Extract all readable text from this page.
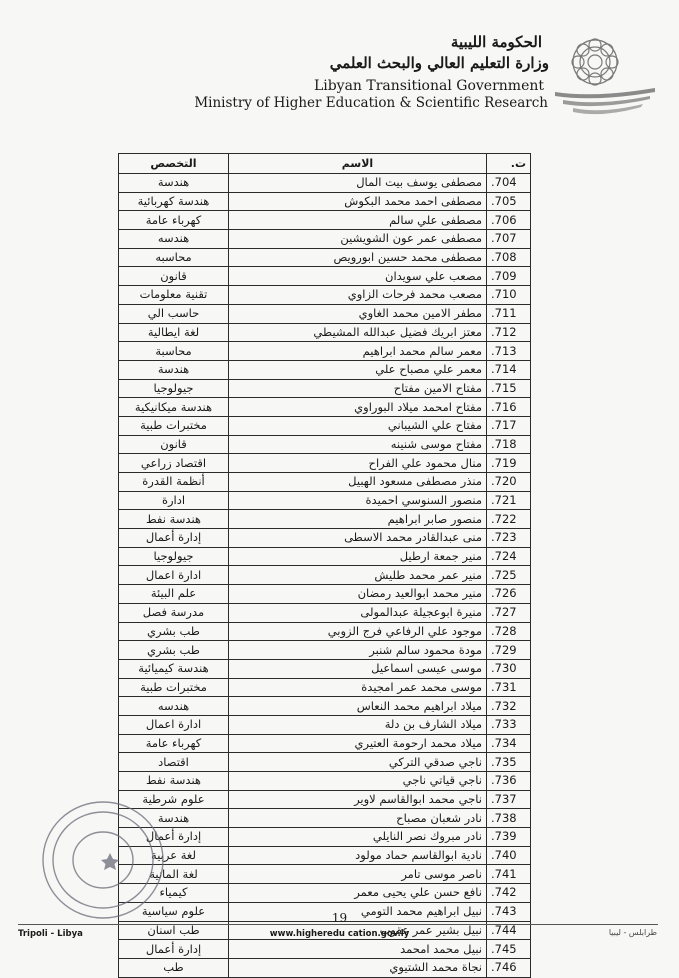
الحكومة الليبية
وزارة التعليم العالي والبحث العلمي
Libyan Transitional Government
Ministry of Higher Education & Scientific Research
التخصص	الاسم	ت.
هندسة	مصطفى يوسف بيت المال	.704
هندسة كهربائية	مصطفى احمد محمد البكوش	.705
كهرباء عامة	مصطفى علي سالم	.706
هندسه	مصطفى عمر عون الشويشين	.707
محاسبه	مصطفى محمد حسين ابورويص	.708
قانون	مصعب علي سويدان	.709
تقنية معلومات	مصعب محمد فرحات الزاوي	.710
حاسب الي	مطفر الامين محمد الغاوي	.711
لغة ايطالية	معتز ابريك فضيل عبدالله المشيطي	.712
محاسبة	معمر سالم محمد ابراهيم	.713
هندسة	معمر علي مصباح علي	.714
جيولوجيا	مفتاح الامين مفتاح	.715
هندسة ميكانيكية	مفتاح امحمد ميلاد البوراوي	.716
مختبرات طبية	مفتاح علي الشيباني	.717
قانون	مفتاح موسى شنينه	.718
اقتصاد زراعي	منال محمود علي الفراح	.719
أنظمة القدرة	منذر مصطفى مسعود الهبيل	.720
ادارة	منصور السنوسي احميدة	.721
هندسة نفط	منصور صابر ابراهيم	.722
إدارة أعمال	منى عبدالقادر محمد الاسطى	.723
جيولوجيا	منير جمعة ارطيل	.724
ادارة اعمال	منير عمر محمد طليش	.725
علم البيئة	منير محمد ابوالعيد رمضان	.726
مدرسة فصل	منيرة ابوعجيلة عبدالمولى	.727
طب بشري	موجود علي الرفاعي فرج الزوبي	.728
طب بشري	مودة محمود سالم شنبر	.729
هندسة كيميائية	موسى عيسى اسماعيل	.730
مختبرات طبية	موسى محمد عمر امجيدة	.731
هندسه	ميلاد ابراهيم محمد النعاس	.732
ادارة اعمال	ميلاد الشارف بن دلة	.733
كهرباء عامة	ميلاد محمد ارحومة العتيري	.734
اقتصاد	ناجي صدقي التركي	.735
هندسة نفط	ناجي قياتي ناجي	.736
علوم شرطية	ناجي محمد ابوالقاسم لاوير	.737
هندسة	نادر شعبان مصباح	.738
إدارة أعمال	نادر مبروك نصر النايلي	.739
لغة عربية	نادية ابوالقاسم حماد مولود	.740
لغة المانية	ناصر موسى تامر	.741
كيمياء	نافع حسن علي يحيى معمر	.742
علوم سياسية	نبيل ابراهيم محمد التومي	.743
طب اسنان	نبيل بشير عمر عقوب	.744
إدارة أعمال	نبيل محمد امحمد	.745
طب	نجاة محمد الشتيوي	.746
19
Tripoli - Libya	www.higheredu cation.gov.ly	طرابلس - ليبيا
